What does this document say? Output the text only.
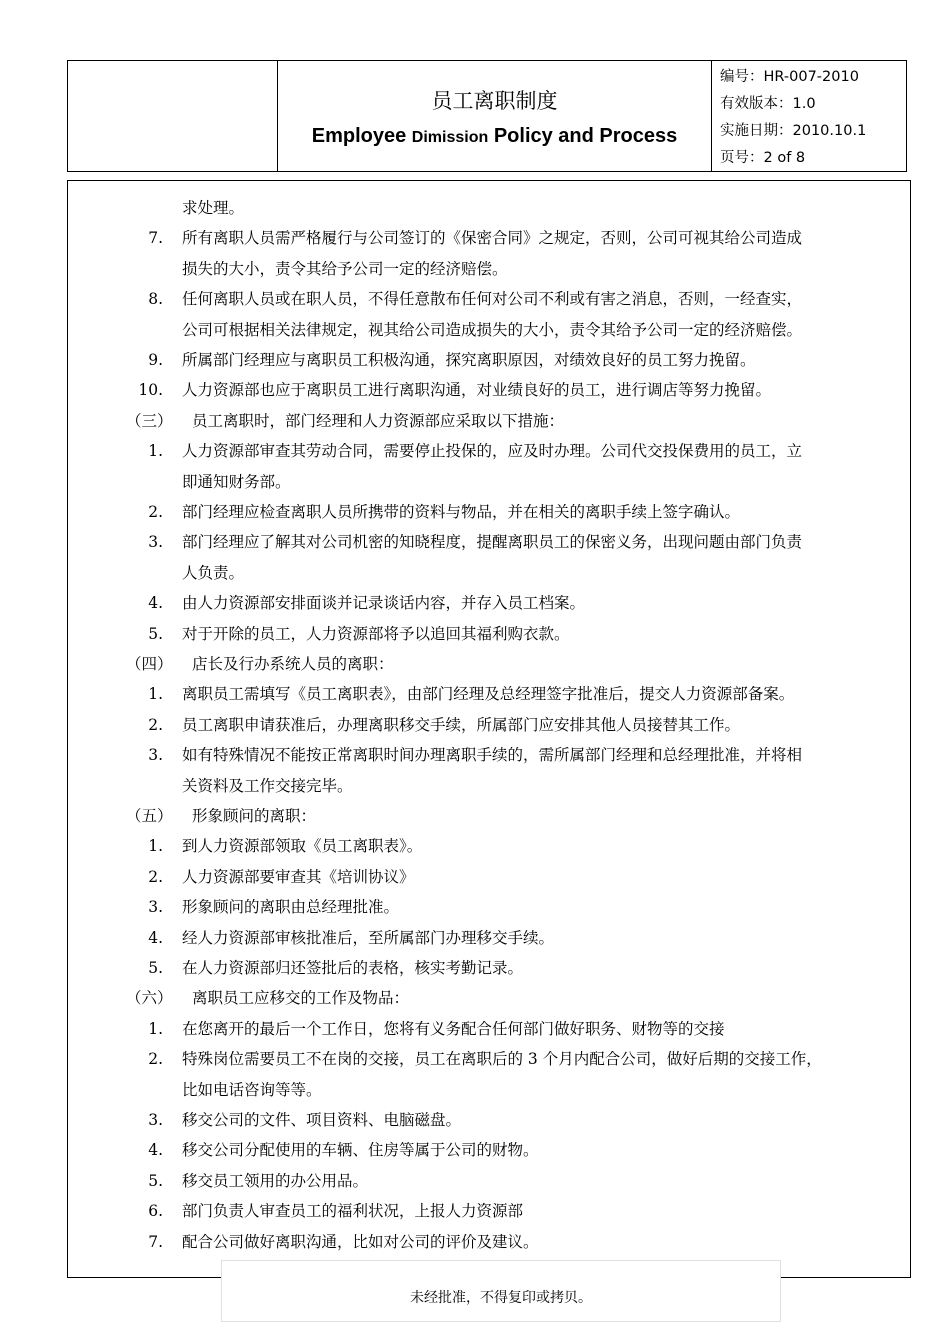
员工离职制度
Employee Dimission Policy and Process
编号：HR-007-2010
有效版本：1.0
实施日期：2010.10.1
页号：2 of 8
求处理。
7. 所有离职人员需严格履行与公司签订的《保密合同》之规定，否则，公司可视其给公司造成
损失的大小，责令其给予公司一定的经济赔偿。
8. 任何离职人员或在职人员，不得任意散布任何对公司不利或有害之消息，否则，一经查实，
公司可根据相关法律规定，视其给公司造成损失的大小，责令其给予公司一定的经济赔偿。
9. 所属部门经理应与离职员工积极沟通，探究离职原因，对绩效良好的员工努力挽留。
10. 人力资源部也应于离职员工进行离职沟通，对业绩良好的员工，进行调店等努力挽留。
（三） 员工离职时，部门经理和人力资源部应采取以下措施：
1. 人力资源部审查其劳动合同，需要停止投保的，应及时办理。公司代交投保费用的员工，立
即通知财务部。
2. 部门经理应检查离职人员所携带的资料与物品，并在相关的离职手续上签字确认。
3. 部门经理应了解其对公司机密的知晓程度，提醒离职员工的保密义务，出现问题由部门负责
人负责。
4. 由人力资源部安排面谈并记录谈话内容，并存入员工档案。
5. 对于开除的员工，人力资源部将予以追回其福利购衣款。
（四） 店长及行办系统人员的离职：
1. 离职员工需填写《员工离职表》，由部门经理及总经理签字批准后，提交人力资源部备案。
2. 员工离职申请获准后，办理离职移交手续，所属部门应安排其他人员接替其工作。
3. 如有特殊情况不能按正常离职时间办理离职手续的，需所属部门经理和总经理批准，并将相
关资料及工作交接完毕。
（五） 形象顾问的离职：
1. 到人力资源部领取《员工离职表》。
2. 人力资源部要审查其《培训协议》
3. 形象顾问的离职由总经理批准。
4. 经人力资源部审核批准后，至所属部门办理移交手续。
5. 在人力资源部归还签批后的表格，核实考勤记录。
（六） 离职员工应移交的工作及物品：
1. 在您离开的最后一个工作日，您将有义务配合任何部门做好职务、财物等的交接
2. 特殊岗位需要员工不在岗的交接，员工在离职后的 3 个月内配合公司，做好后期的交接工作，
比如电话咨询等等。
3. 移交公司的文件、项目资料、电脑磁盘。
4. 移交公司分配使用的车辆、住房等属于公司的财物。
5. 移交员工领用的办公用品。
6. 部门负责人审查员工的福利状况，上报人力资源部
7. 配合公司做好离职沟通，比如对公司的评价及建议。
未经批准，不得复印或拷贝。
